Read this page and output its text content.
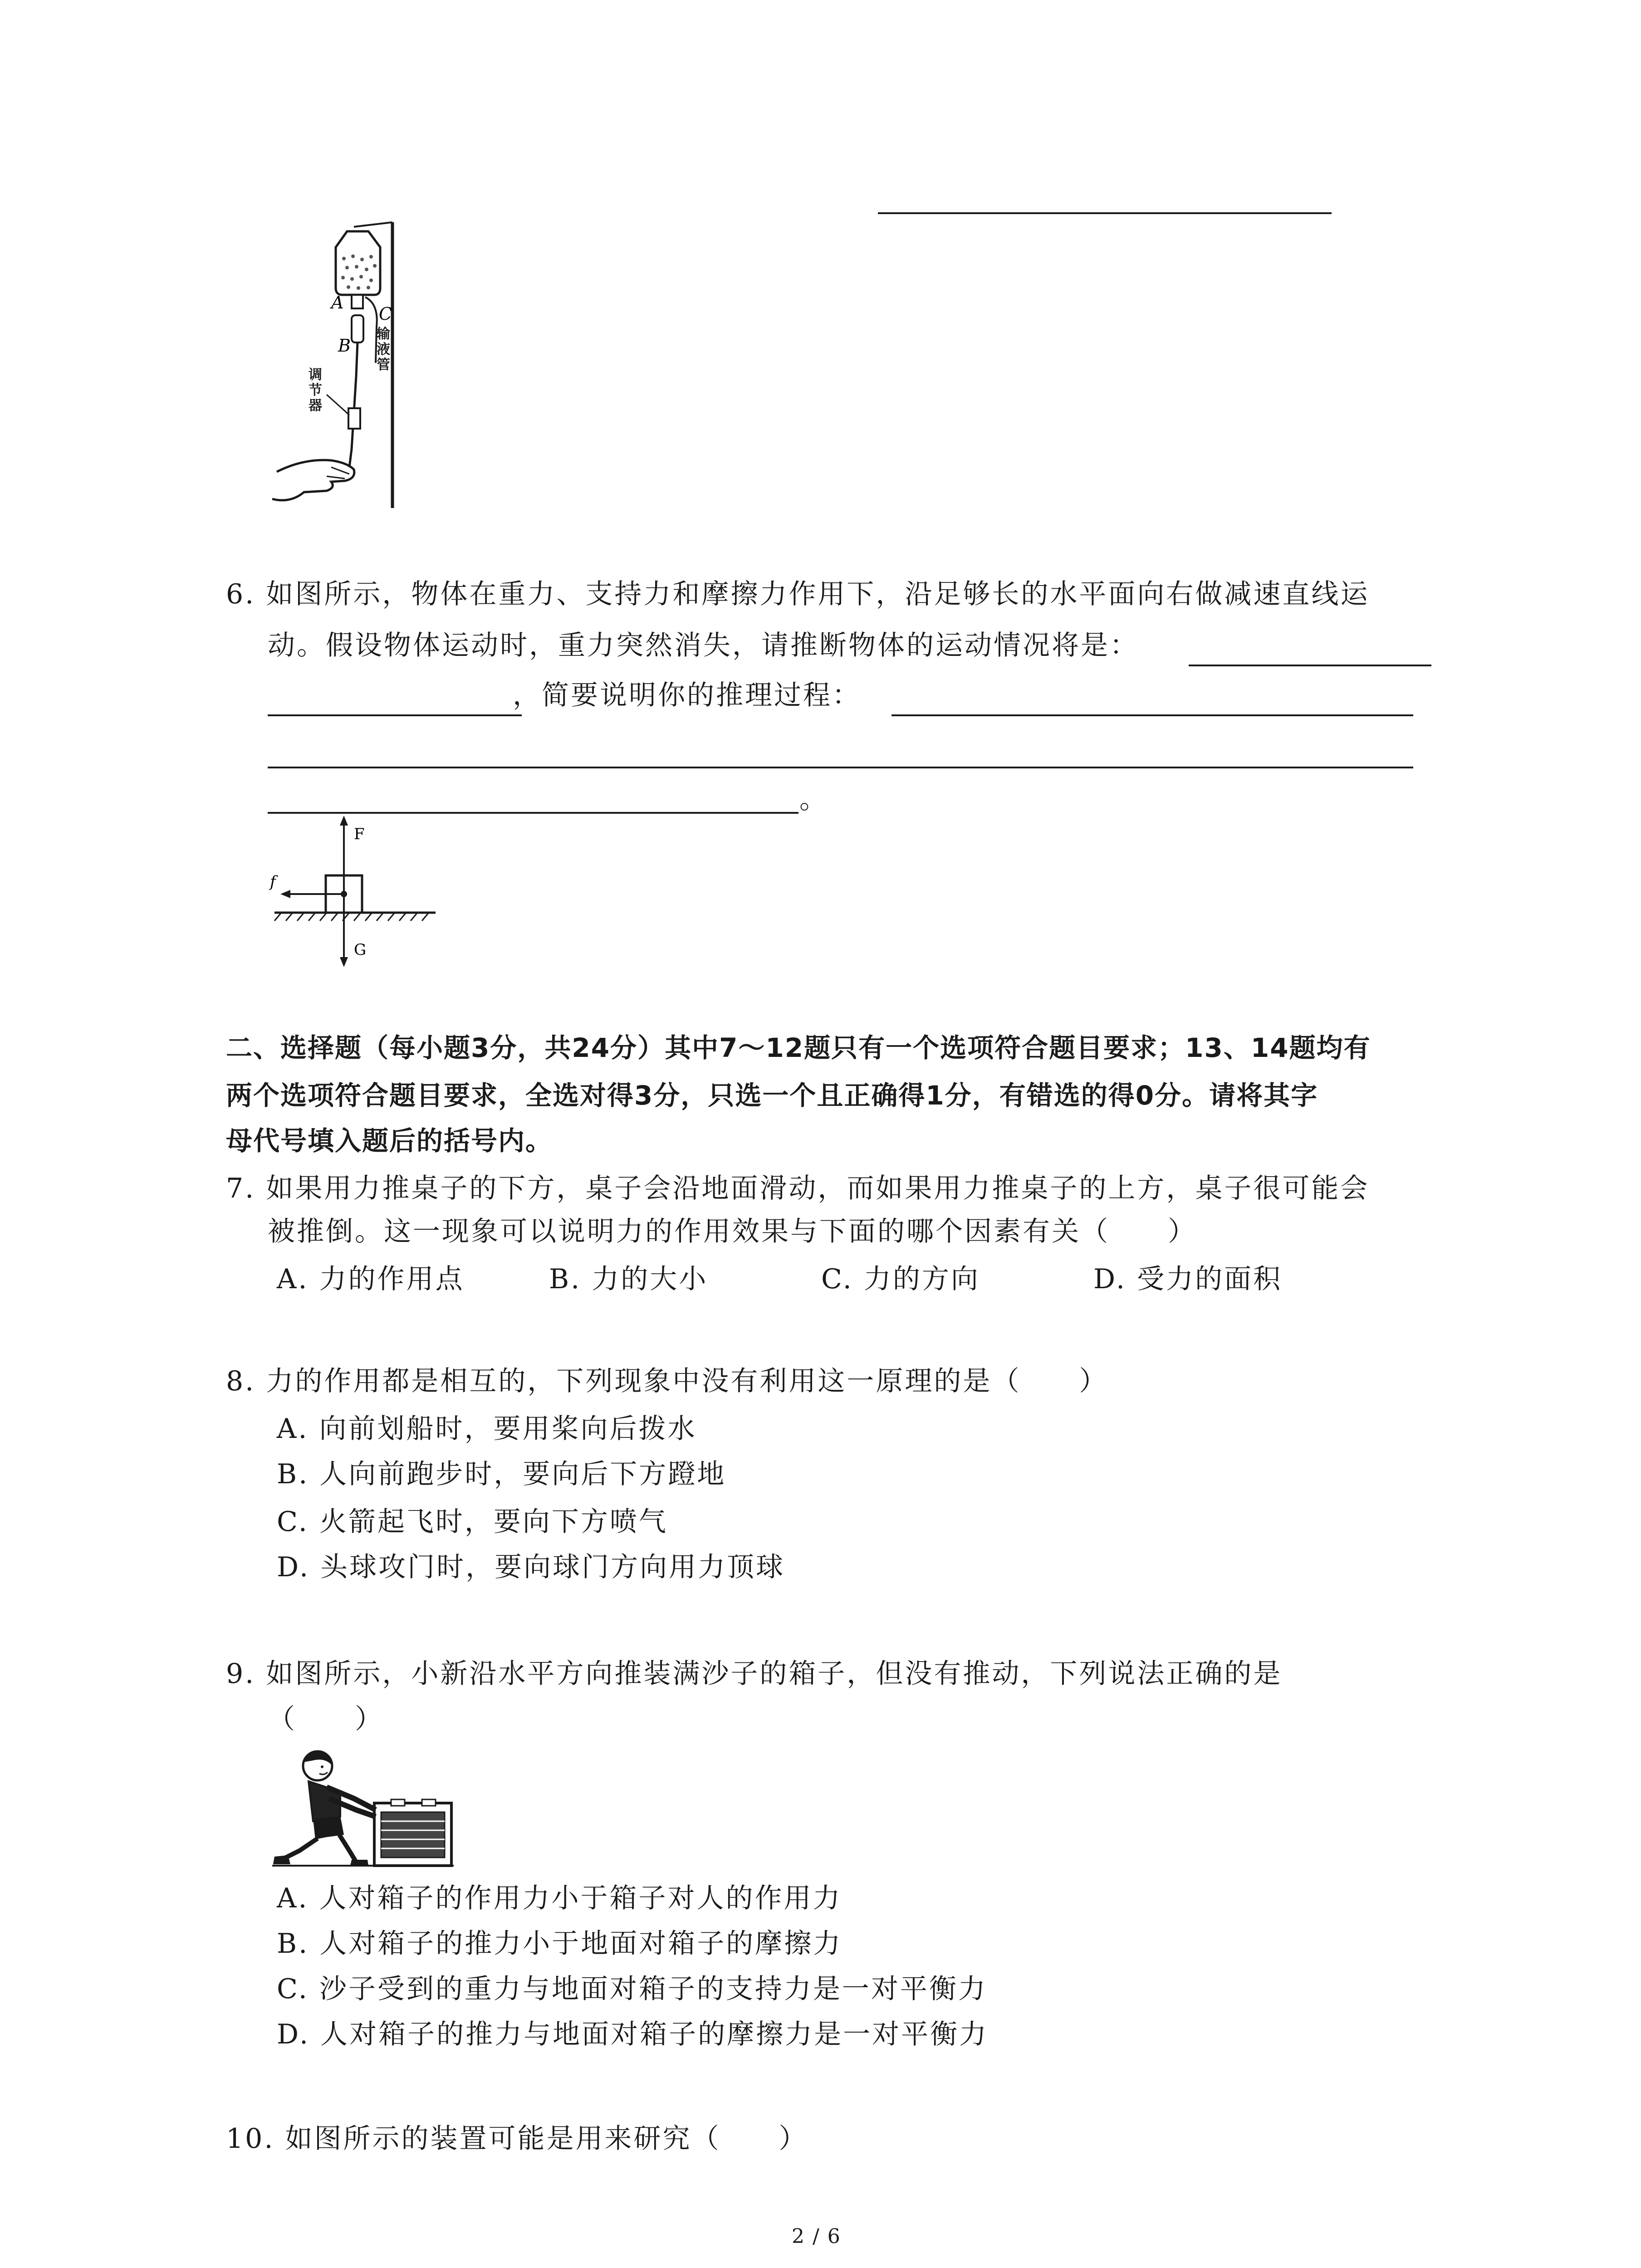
A
C
B
输液管
调节器
6. 如图所示，物体在重力、支持力和摩擦力作用下，沿足够长的水平面向右做减速直线运
动。假设物体运动时，重力突然消失，请推断物体的运动情况将是：
，简要说明你的推理过程：
。
F
f
G
二、选择题（每小题3分，共24分）其中7～12题只有一个选项符合题目要求；13、14题均有
两个选项符合题目要求，全选对得3分，只选一个且正确得1分，有错选的得0分。请将其字
母代号填入题后的括号内。
7. 如果用力推桌子的下方，桌子会沿地面滑动，而如果用力推桌子的上方，桌子很可能会
被推倒。这一现象可以说明力的作用效果与下面的哪个因素有关（　　）
A. 力的作用点	B. 力的大小	C. 力的方向	D. 受力的面积
8. 力的作用都是相互的，下列现象中没有利用这一原理的是（　　）
A. 向前划船时，要用桨向后拨水
B. 人向前跑步时，要向后下方蹬地
C. 火箭起飞时，要向下方喷气
D. 头球攻门时，要向球门方向用力顶球
9. 如图所示，小新沿水平方向推装满沙子的箱子，但没有推动，下列说法正确的是
（　　）
A. 人对箱子的作用力小于箱子对人的作用力
B. 人对箱子的推力小于地面对箱子的摩擦力
C. 沙子受到的重力与地面对箱子的支持力是一对平衡力
D. 人对箱子的推力与地面对箱子的摩擦力是一对平衡力
10. 如图所示的装置可能是用来研究（　　）
2 / 6
